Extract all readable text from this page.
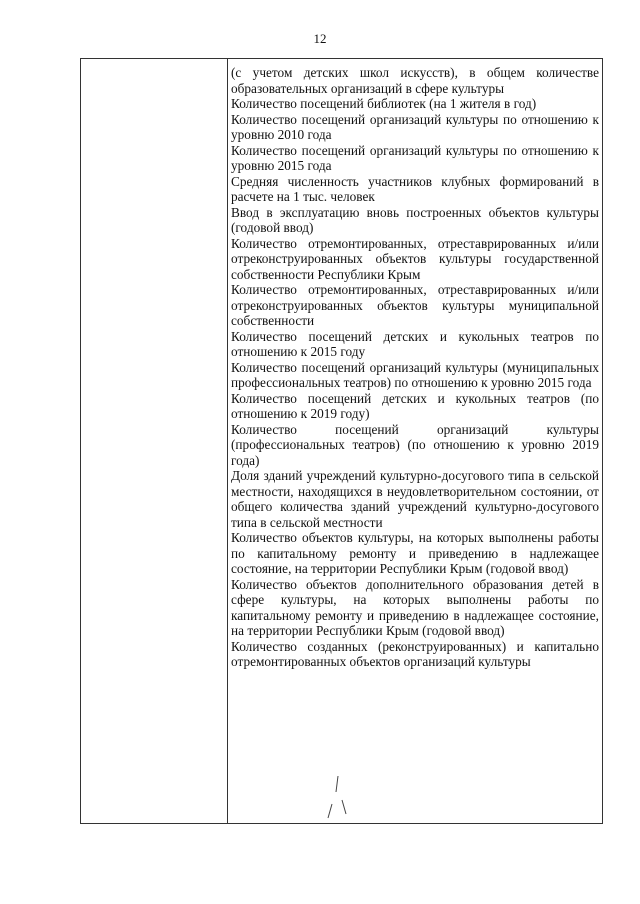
12
(с учетом детских школ искусств), в общем количестве образовательных организаций в сфере культуры
Количество посещений библиотек (на 1 жителя в год)
Количество посещений организаций культуры по отношению к уровню 2010 года
Количество посещений организаций культуры по отношению к уровню 2015 года
Средняя численность участников клубных формирований в расчете на 1 тыс. человек
Ввод в эксплуатацию вновь построенных объектов культуры (годовой ввод)
Количество отремонтированных, отреставрированных и/или отреконструированных объектов культуры государственной собственности Республики Крым
Количество отремонтированных, отреставрированных и/или отреконструированных объектов культуры муниципальной собственности
Количество посещений детских и кукольных театров по отношению к 2015 году
Количество посещений организаций культуры (муниципальных профессиональных театров) по отношению к уровню 2015 года
Количество посещений детских и кукольных театров (по отношению к 2019 году)
Количество посещений организаций культуры (профессиональных театров) (по отношению к уровню 2019 года)
Доля зданий учреждений культурно-досугового типа в сельской местности, находящихся в неудовлетворительном состоянии, от общего количества зданий учреждений культурно-досугового типа в сельской местности
Количество объектов культуры, на которых выполнены работы по капитальному ремонту и приведению в надлежащее состояние, на территории Республики Крым (годовой ввод)
Количество объектов дополнительного образования детей в сфере культуры, на которых выполнены работы по капитальному ремонту и приведению в надлежащее состояние, на территории Республики Крым (годовой ввод)
Количество созданных (реконструированных) и капитально отремонтированных объектов организаций культуры
